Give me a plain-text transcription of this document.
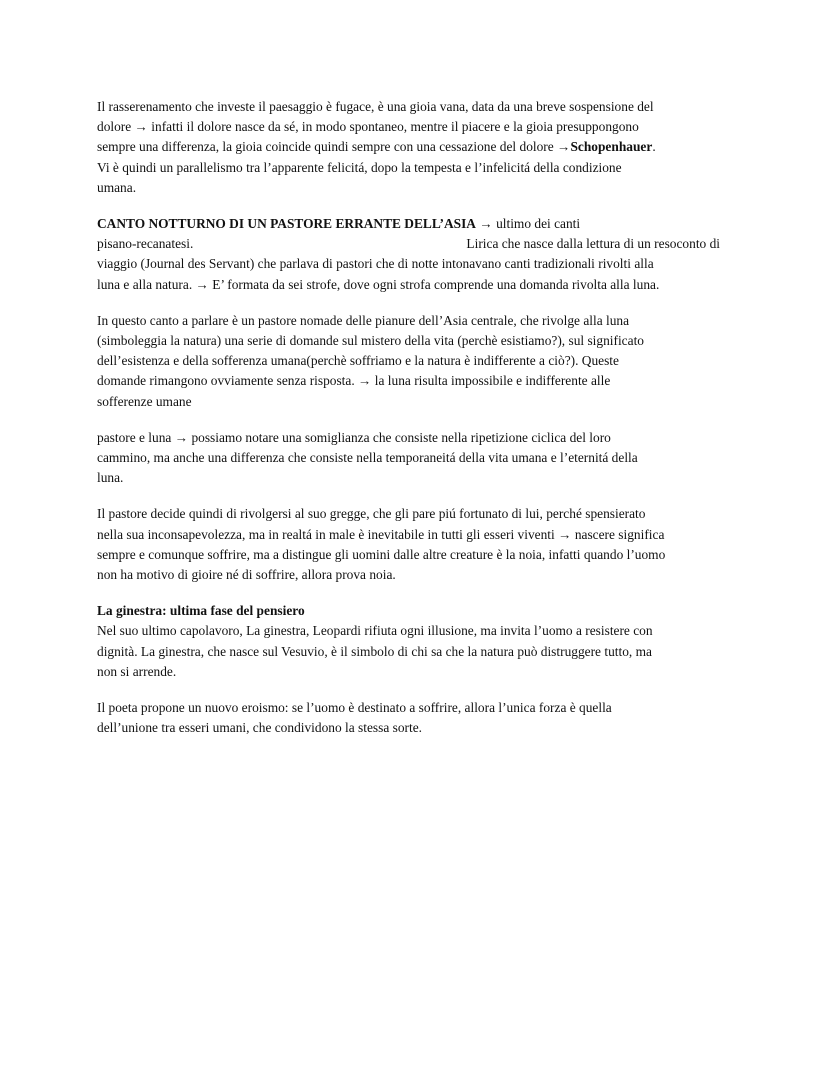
Il rasserenamento che investe il paesaggio è fugace, è una gioia vana, data da una breve sospensione del

dolore → infatti il dolore nasce da sé, in modo spontaneo, mentre il piacere e la gioia presuppongono

sempre una differenza, la gioia coincide quindi sempre con una cessazione del dolore →Schopenhauer.

Vi è quindi un parallelismo tra l’apparente felicitá, dopo la tempesta e l’infelicitá della condizione

umana.

CANTO NOTTURNO DI UN PASTORE ERRANTE DELL’ASIA → ultimo dei canti

pisano-recanatesi.	Lirica che nasce dalla lettura di un resoconto di

viaggio (Journal des Servant) che parlava di pastori che di notte intonavano canti tradizionali rivolti alla

luna e alla natura. → E’ formata da sei strofe, dove ogni strofa comprende una domanda rivolta alla luna.

In questo canto a parlare è un pastore nomade delle pianure dell’Asia centrale, che rivolge alla luna

(simboleggia la natura) una serie di domande sul mistero della vita (perchè esistiamo?), sul significato

dell’esistenza e della sofferenza umana(perchè soffriamo e la natura è indifferente a ciò?). Queste

domande rimangono ovviamente senza risposta. → la luna risulta impossibile e indifferente alle

sofferenze umane

pastore e luna → possiamo notare una somiglianza che consiste nella ripetizione ciclica del loro

cammino, ma anche una differenza che consiste nella temporaneitá della vita umana e l’eternitá della

luna.

Il pastore decide quindi di rivolgersi al suo gregge, che gli pare piú fortunato di lui, perché spensierato

nella sua inconsapevolezza, ma in realtá in male è inevitabile in tutti gli esseri viventi → nascere significa

sempre e comunque soffrire, ma a distingue gli uomini dalle altre creature è la noia, infatti quando l’uomo

non ha motivo di gioire né di soffrire, allora prova noia.

La ginestra: ultima fase del pensiero

Nel suo ultimo capolavoro, La ginestra, Leopardi rifiuta ogni illusione, ma invita l’uomo a resistere con

dignità. La ginestra, che nasce sul Vesuvio, è il simbolo di chi sa che la natura può distruggere tutto, ma

non si arrende.

Il poeta propone un nuovo eroismo: se l’uomo è destinato a soffrire, allora l’unica forza è quella

dell’unione tra esseri umani, che condividono la stessa sorte.
